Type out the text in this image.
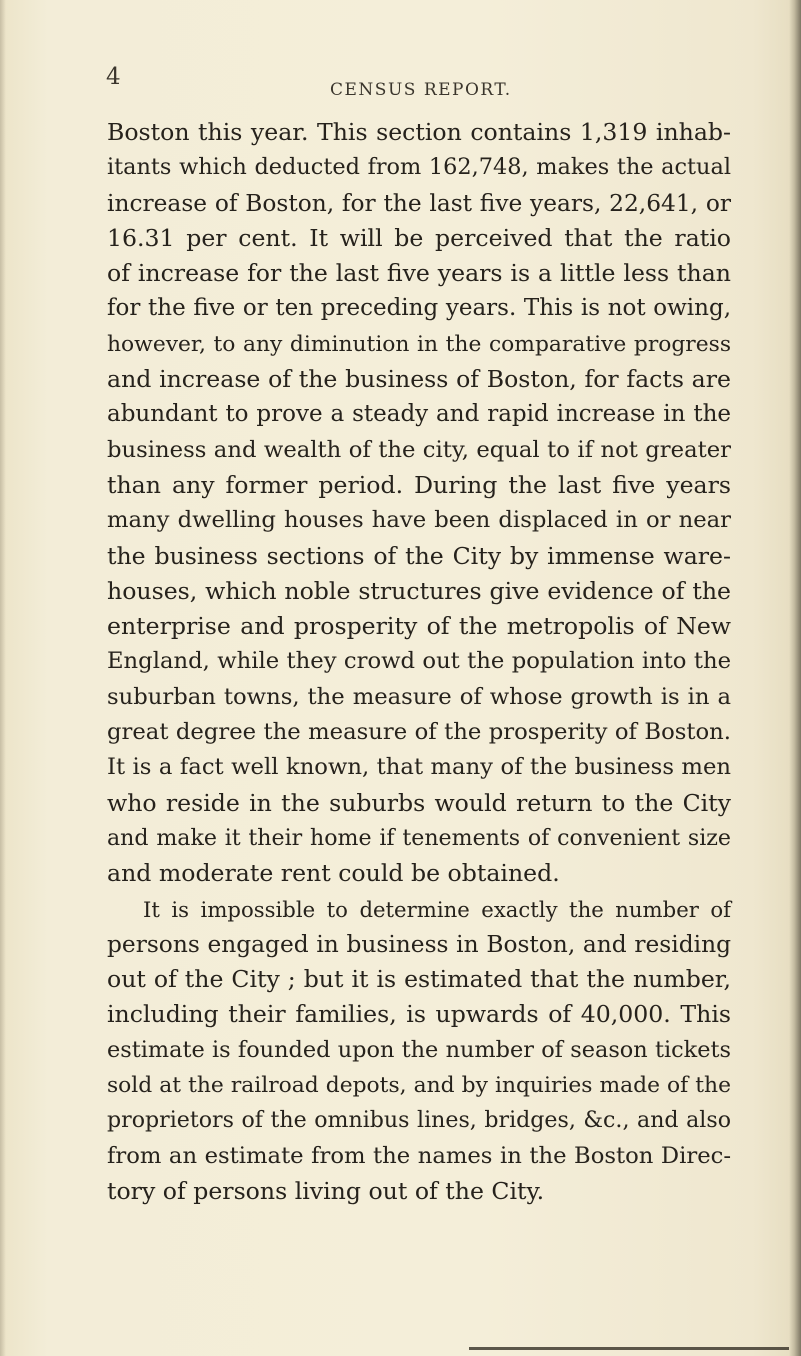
4	CENSUS REPORT.
Boston this year. This section contains 1,319 inhab-
itants which deducted from 162,748, makes the actual
increase of Boston, for the last five years, 22,641, or
16.31 per cent. It will be perceived that the ratio
of increase for the last five years is a little less than
for the five or ten preceding years. This is not owing,
however, to any diminution in the comparative progress
and increase of the business of Boston, for facts are
abundant to prove a steady and rapid increase in the
business and wealth of the city, equal to if not greater
than any former period. During the last five years
many dwelling houses have been displaced in or near
the business sections of the City by immense ware-
houses, which noble structures give evidence of the
enterprise and prosperity of the metropolis of New
England, while they crowd out the population into the
suburban towns, the measure of whose growth is in a
great degree the measure of the prosperity of Boston.
It is a fact well known, that many of the business men
who reside in the suburbs would return to the City
and make it their home if tenements of convenient size
and moderate rent could be obtained.
It is impossible to determine exactly the number of
persons engaged in business in Boston, and residing
out of the City ; but it is estimated that the number,
including their families, is upwards of 40,000. This
estimate is founded upon the number of season tickets
sold at the railroad depots, and by inquiries made of the
proprietors of the omnibus lines, bridges, &c., and also
from an estimate from the names in the Boston Direc-
tory of persons living out of the City.
